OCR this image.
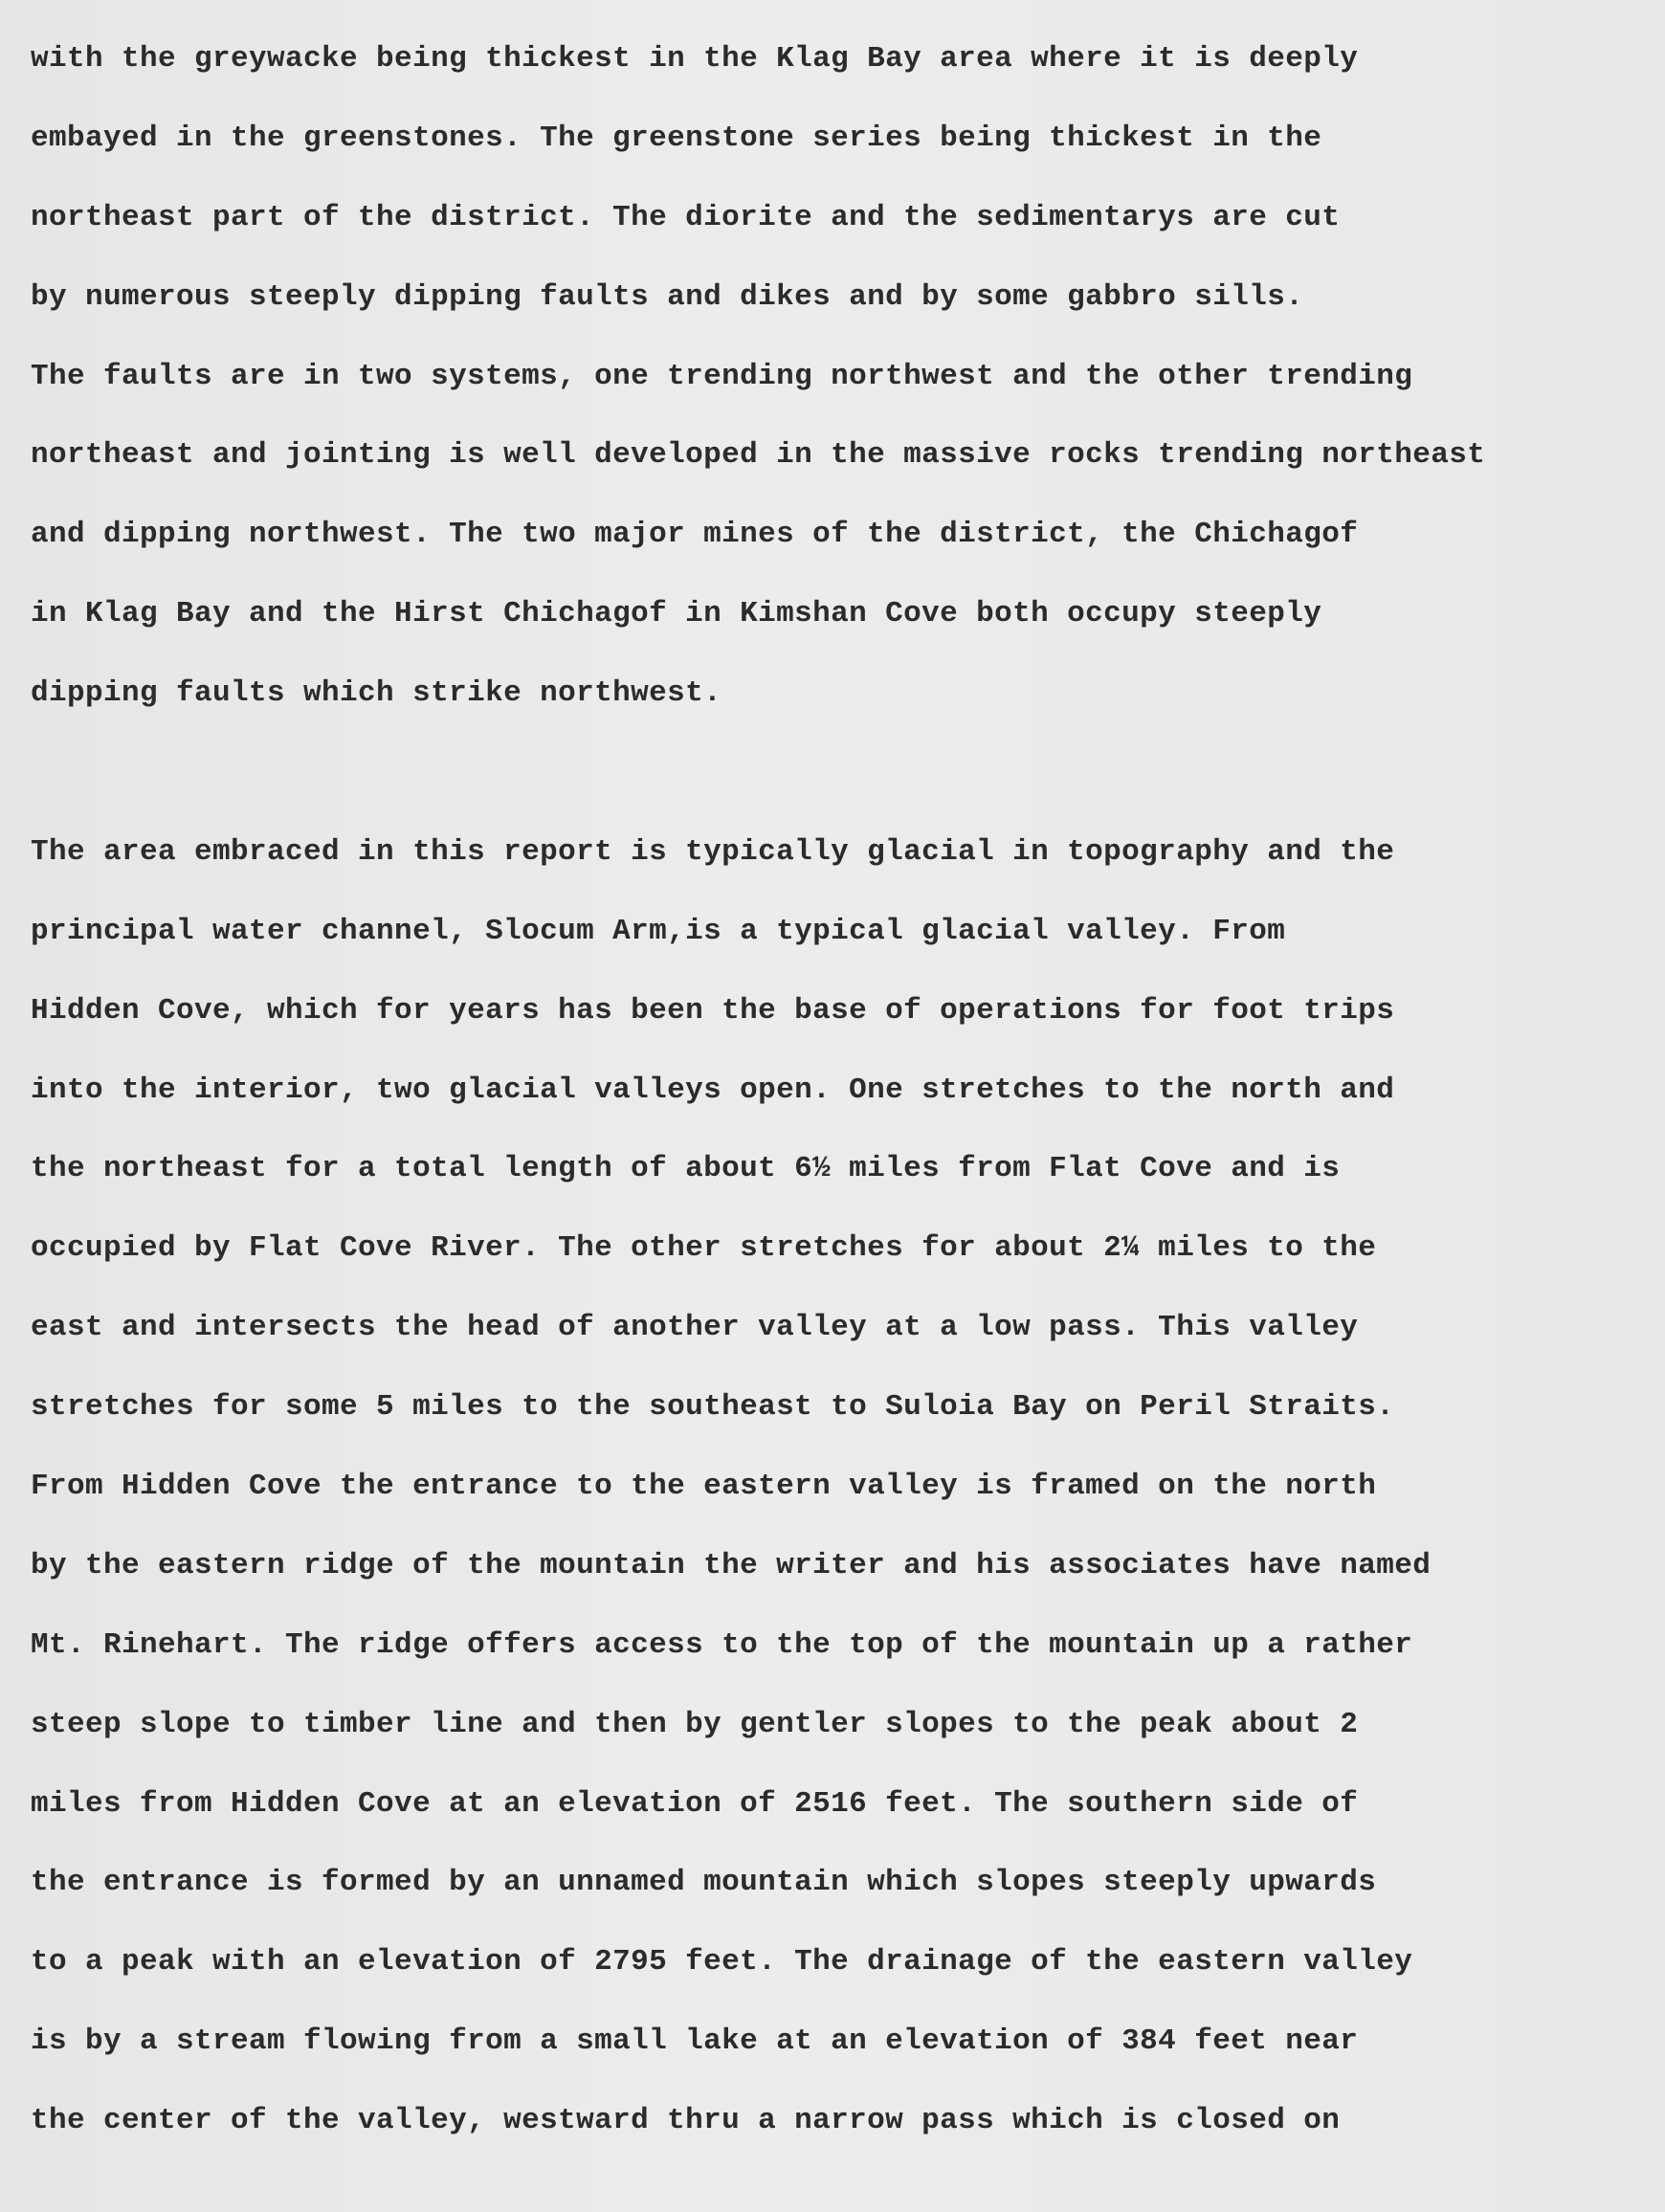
with the greywacke being thickest in the Klag Bay area where it is deeply
embayed in the greenstones. The greenstone series being thickest in the
northeast part of the district. The diorite and the sedimentarys are cut
by numerous steeply dipping faults and dikes and by some gabbro sills.
The faults are in two systems, one trending northwest and the other trending
northeast and jointing is well developed in the massive rocks trending northeast
and dipping northwest. The two major mines of the district, the Chichagof
in Klag Bay and the Hirst Chichagof in Kimshan Cove both occupy steeply
dipping faults which strike northwest.
The area embraced in this report is typically glacial in topography and the
principal water channel, Slocum Arm,is a typical glacial valley. From
Hidden Cove, which for years has been the base of operations for foot trips
into the interior, two glacial valleys open. One stretches to the north and
the northeast for a total length of about 6½ miles from Flat Cove and is
occupied by Flat Cove River. The other stretches for about 2¼ miles to the
east and intersects the head of another valley at a low pass. This valley
stretches for some 5 miles to the southeast to Suloia Bay on Peril Straits.
From Hidden Cove the entrance to the eastern valley is framed on the north
by the eastern ridge of the mountain the writer and his associates have named
Mt. Rinehart. The ridge offers access to the top of the mountain up a rather
steep slope to timber line and then by gentler slopes to the peak about 2
miles from Hidden Cove at an elevation of 2516 feet. The southern side of
the entrance is formed by an unnamed mountain which slopes steeply upwards
to a peak with an elevation of 2795 feet. The drainage of the eastern valley
is by a stream flowing from a small lake at an elevation of 384 feet near
the center of the valley, westward thru a narrow pass which is closed on
